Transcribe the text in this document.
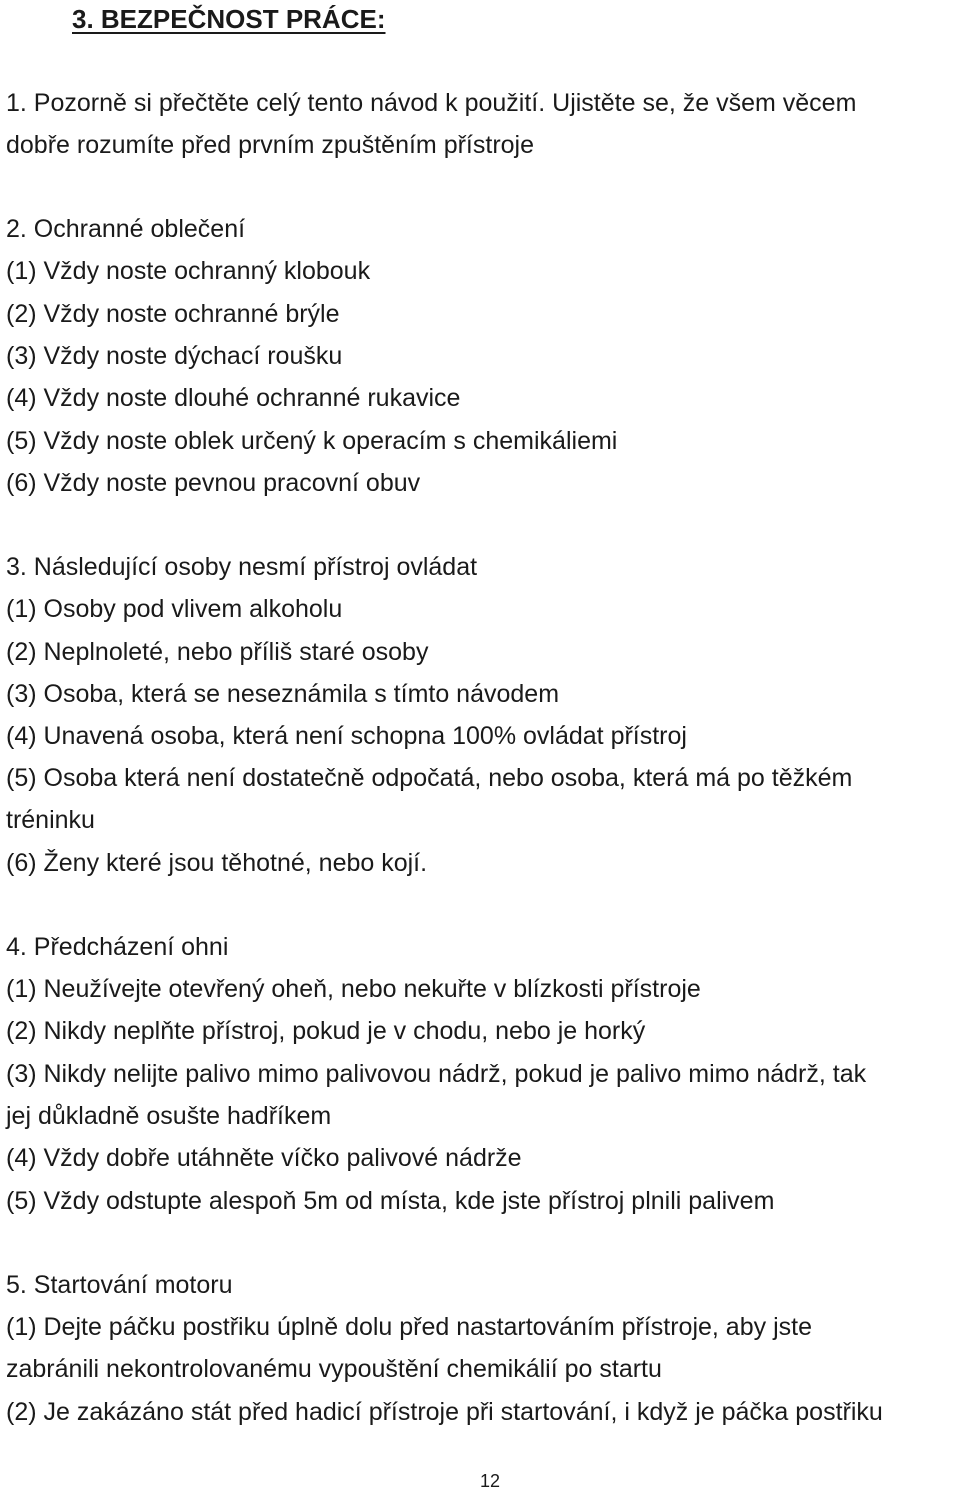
3. BEZPEČNOST PRÁCE:
1. Pozorně si přečtěte celý tento návod k použití. Ujistěte se, že všem věcem
dobře rozumíte před prvním zpuštěním přístroje
2. Ochranné oblečení
(1) Vždy noste ochranný klobouk
(2) Vždy noste ochranné brýle
(3) Vždy noste dýchací roušku
(4) Vždy noste dlouhé ochranné rukavice
(5) Vždy noste oblek určený k operacím s chemikáliemi
(6) Vždy noste pevnou pracovní obuv
3. Následující osoby nesmí přístroj ovládat
(1) Osoby pod vlivem alkoholu
(2) Neplnoleté, nebo příliš staré osoby
(3) Osoba, která se neseznámila s tímto návodem
(4) Unavená osoba, která není schopna 100% ovládat přístroj
(5) Osoba která není dostatečně odpočatá, nebo osoba, která má po těžkém
tréninku
(6) Ženy které jsou těhotné, nebo kojí.
4. Předcházení ohni
(1) Neužívejte otevřený oheň, nebo nekuřte v blízkosti přístroje
(2) Nikdy neplňte přístroj, pokud je v chodu, nebo je horký
(3) Nikdy nelijte palivo mimo palivovou nádrž, pokud je palivo mimo nádrž, tak
jej důkladně osušte hadříkem
(4) Vždy dobře utáhněte víčko palivové nádrže
(5) Vždy odstupte alespoň 5m od místa, kde jste přístroj plnili palivem
5. Startování motoru
(1) Dejte páčku postřiku úplně dolu před nastartováním přístroje, aby jste
zabránili nekontrolovanému vypouštění chemikálií po startu
(2) Je zakázáno stát před hadicí přístroje při startování, i když je páčka postřiku
12
